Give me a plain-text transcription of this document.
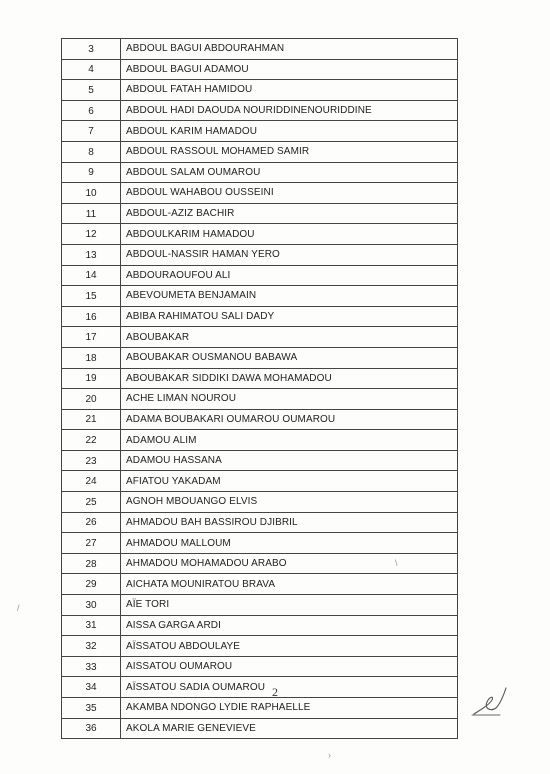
3	ABDOUL BAGUI ABDOURAHMAN
4	ABDOUL BAGUI ADAMOU
5	ABDOUL FATAH HAMIDOU
6	ABDOUL HADI DAOUDA NOURIDDINENOURIDDINE
7	ABDOUL KARIM HAMADOU
8	ABDOUL RASSOUL MOHAMED SAMIR
9	ABDOUL SALAM OUMAROU
10	ABDOUL WAHABOU OUSSEINI
11	ABDOUL-AZIZ BACHIR
12	ABDOULKARIM HAMADOU
13	ABDOUL-NASSIR HAMAN YERO
14	ABDOURAOUFOU ALI
15	ABEVOUMETA BENJAMAIN
16	ABIBA RAHIMATOU SALI DADY
17	ABOUBAKAR
18	ABOUBAKAR OUSMANOU BABAWA
19	ABOUBAKAR SIDDIKI DAWA MOHAMADOU
20	ACHE LIMAN NOUROU
21	ADAMA BOUBAKARI OUMAROU OUMAROU
22	ADAMOU ALIM
23	ADAMOU HASSANA
24	AFIATOU YAKADAM
25	AGNOH MBOUANGO ELVIS
26	AHMADOU BAH BASSIROU DJIBRIL
27	AHMADOU MALLOUM
28	AHMADOU MOHAMADOU ARABO
29	AICHATA MOUNIRATOU BRAVA
30	AÏE TORI
31	AISSA GARGA ARDI
32	AÏSSATOU ABDOULAYE
33	AISSATOU OUMAROU
34	AÏSSATOU SADIA OUMAROU
35	AKAMBA NDONGO LYDIE RAPHAELLE
36	AKOLA MARIE GENEVIEVE
2
/
\
›
